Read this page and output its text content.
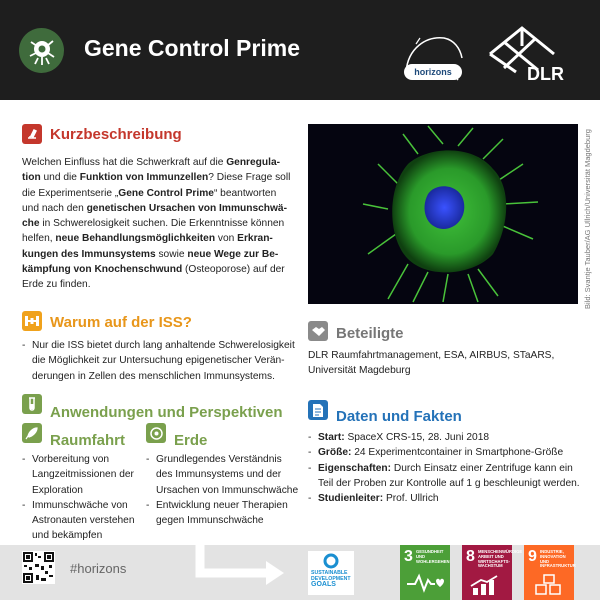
Gene Control Prime
horizons	DLR
Kurzbeschreibung
Welchen Einfluss hat die Schwerkraft auf die Genregula-
tion und die Funktion von Immunzellen? Diese Frage soll
die Experimentserie „Gene Control Prime“ beantworten
und nach den genetischen Ursachen von Immunschwä-
che in Schwerelosigkeit suchen. Die Erkenntnisse können
helfen, neue Behandlungsmöglichkeiten von Erkran-
kungen des Immunsystems sowie neue Wege zur Be-
kämpfung von Knochenschwund (Osteoporose) auf der
Erde zu finden.
Warum auf der ISS?
- Nur die ISS bietet durch lang anhaltende Schwerelosigkeit
die Möglichkeit zur Untersuchung epigenetischer Verän-
derungen in Zellen des menschlichen Immunsystems.
Anwendungen und Perspektiven
Raumfahrt
- Vorbereitung von
Langzeitmissionen der
Exploration
- Immunschwäche von
Astronauten verstehen
und bekämpfen
Erde
- Grundlegendes Verständnis
des Immunsystems und der
Ursachen von Immunschwäche
- Entwicklung neuer Therapien
gegen Immunschwäche
Bild: Svantje Tauber/AG Ullrich/Universität Magdeburg
Beteiligte
DLR Raumfahrtmanagement, ESA, AIRBUS, STaARS,
Universität Magdeburg
Daten und Fakten
- Start: SpaceX CRS-15, 28. Juni 2018
- Größe: 24 Experimentcontainer in Smartphone-Größe
- Eigenschaften: Durch Einsatz einer Zentrifuge kann ein
Teil der Proben zur Kontrolle auf 1 g beschleunigt werden.
- Studienleiter: Prof. Ullrich
#horizons	SUSTAINABLE
DEVELOPMENT
GOALS
3 GESUNDHEIT UND WOHLERGEHEN 8 MENSCHENWÜRDIGE ARBEIT UND WIRTSCHAFTS-WACHSTUM
9 INDUSTRIE, INNOVATION UND INFRASTRUKTUR
